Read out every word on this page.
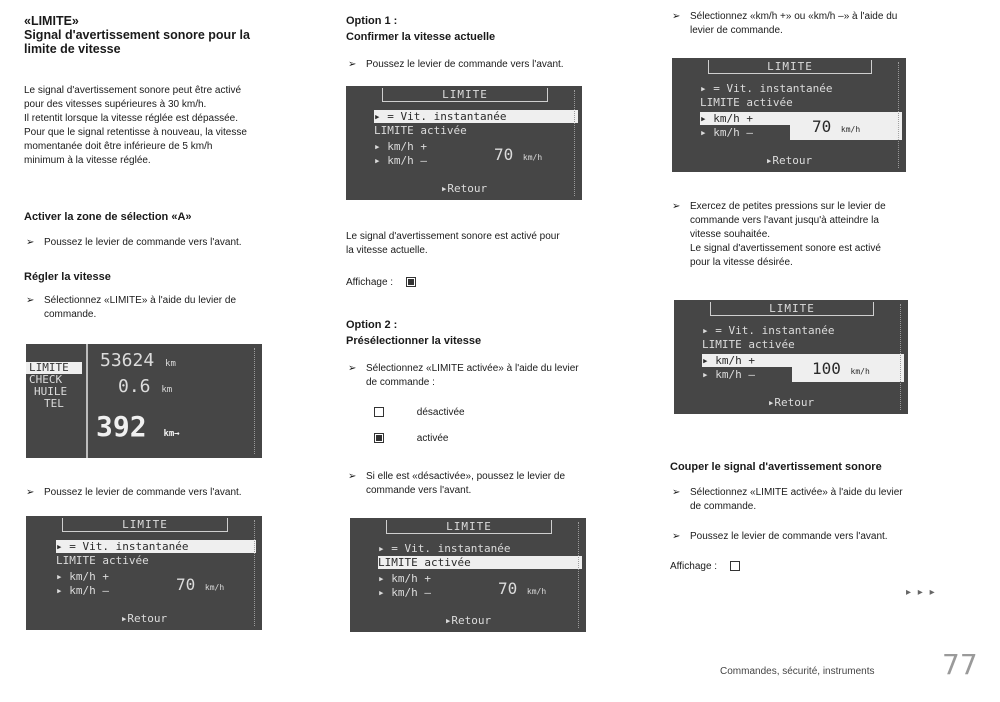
«LIMITE»
Signal d'avertissement sonore pour la
limite de vitesse

Le signal d'avertissement sonore peut être activé

pour des vitesses supérieures à 30 km/h.

Il retentit lorsque la vitesse réglée est dépassée.

Pour que le signal retentisse à nouveau, la vitesse

momentanée doit être inférieure de 5 km/h

minimum à la vitesse réglée.

Activer la zone de sélection «A»
➢ Poussez le levier de commande vers l'avant.
Régler la vitesse
➢ Sélectionnez «LIMITE» à l'aide du levier de
commande.
LIMITE
CHECK
HUILE
TEL
53624 km
0.6 km
392 km→
➢ Poussez le levier de commande vers l'avant.
LIMITE
▸ = Vit. instantanée
LIMITE activée
▸ km/h +
▸ km/h –	70 km/h
▸Retour
Option 1 :
Confirmer la vitesse actuelle
➢ Poussez le levier de commande vers l'avant.
LIMITE
▸ = Vit. instantanée
LIMITE activée
▸ km/h +
▸ km/h –	70 km/h
▸Retour

Le signal d'avertissement sonore est activé pour

la vitesse actuelle.

Affichage :
Option 2 :
Présélectionner la vitesse
➢ Sélectionnez «LIMITE activée» à l'aide du levier
de commande :
désactivée
activée
➢ Si elle est «désactivée», poussez le levier de
commande vers l'avant.
LIMITE
▸ = Vit. instantanée
LIMITE activée
▸ km/h +
▸ km/h –	70 km/h
▸Retour
➢ Sélectionnez «km/h +» ou «km/h –» à l'aide du
levier de commande.
LIMITE
▸ = Vit. instantanée
LIMITE activée
▸ km/h +
▸ km/h –	70 km/h
▸Retour
➢ Exercez de petites pressions sur le levier de
commande vers l'avant jusqu'à atteindre la
vitesse souhaitée.
Le signal d'avertissement sonore est activé
pour la vitesse désirée.
LIMITE
▸ = Vit. instantanée
LIMITE activée
▸ km/h +
▸ km/h –	100 km/h
▸Retour
Couper le signal d'avertissement sonore
➢ Sélectionnez «LIMITE activée» à l'aide du levier
de commande.
➢ Poussez le levier de commande vers l'avant.
Affichage :
▸ ▸ ▸
Commandes, sécurité, instruments 77
